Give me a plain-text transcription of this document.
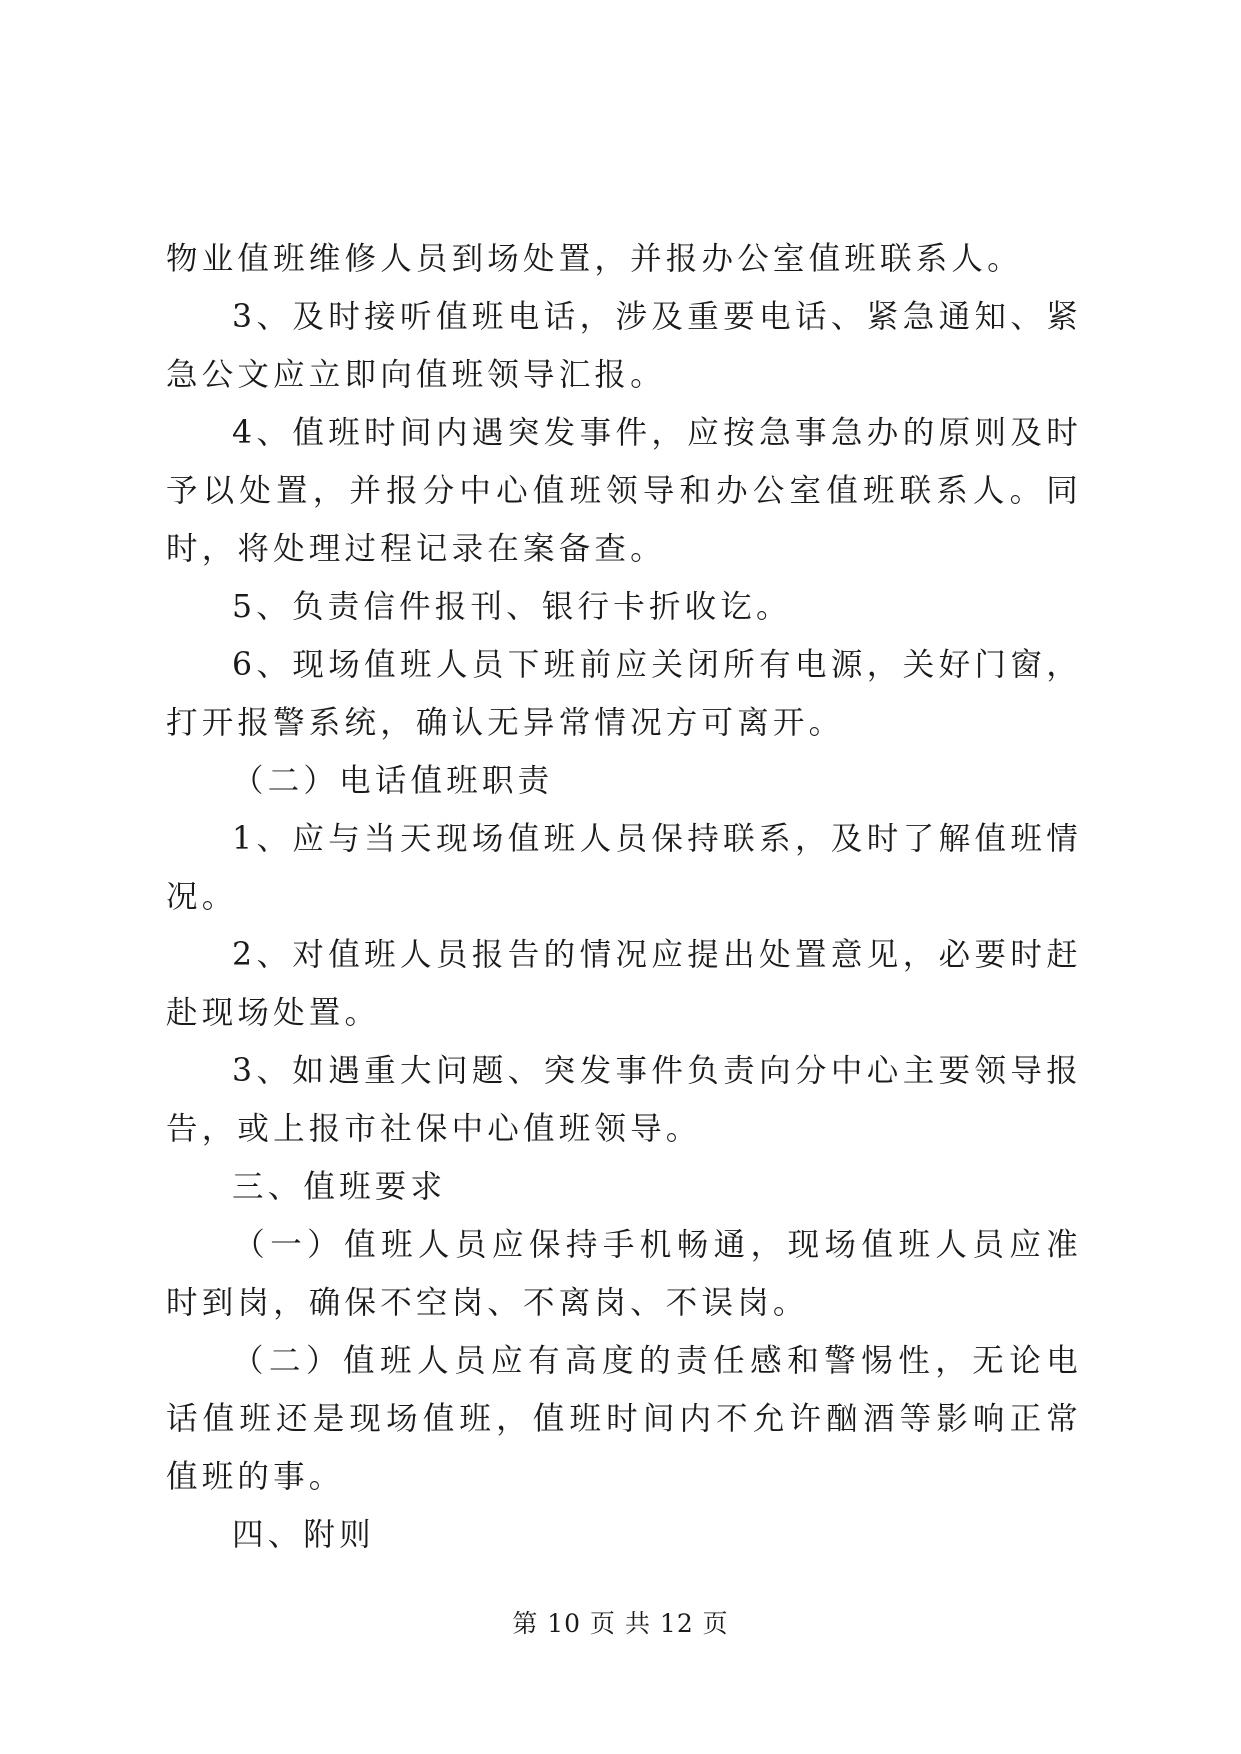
物业值班维修人员到场处置，并报办公室值班联系人。

3、及时接听值班电话，涉及重要电话、紧急通知、紧急公文应立即向值班领导汇报。

4、值班时间内遇突发事件，应按急事急办的原则及时予以处置，并报分中心值班领导和办公室值班联系人。同时，将处理过程记录在案备查。

5、负责信件报刊、银行卡折收讫。

6、现场值班人员下班前应关闭所有电源，关好门窗，打开报警系统，确认无异常情况方可离开。

（二）电话值班职责

1、应与当天现场值班人员保持联系，及时了解值班情况。

2、对值班人员报告的情况应提出处置意见，必要时赶赴现场处置。

3、如遇重大问题、突发事件负责向分中心主要领导报告，或上报市社保中心值班领导。

三、值班要求

（一）值班人员应保持手机畅通，现场值班人员应准时到岗，确保不空岗、不离岗、不误岗。

（二）值班人员应有高度的责任感和警惕性，无论电话值班还是现场值班，值班时间内不允许酗酒等影响正常值班的事。

四、附则

第 10 页 共 12 页
